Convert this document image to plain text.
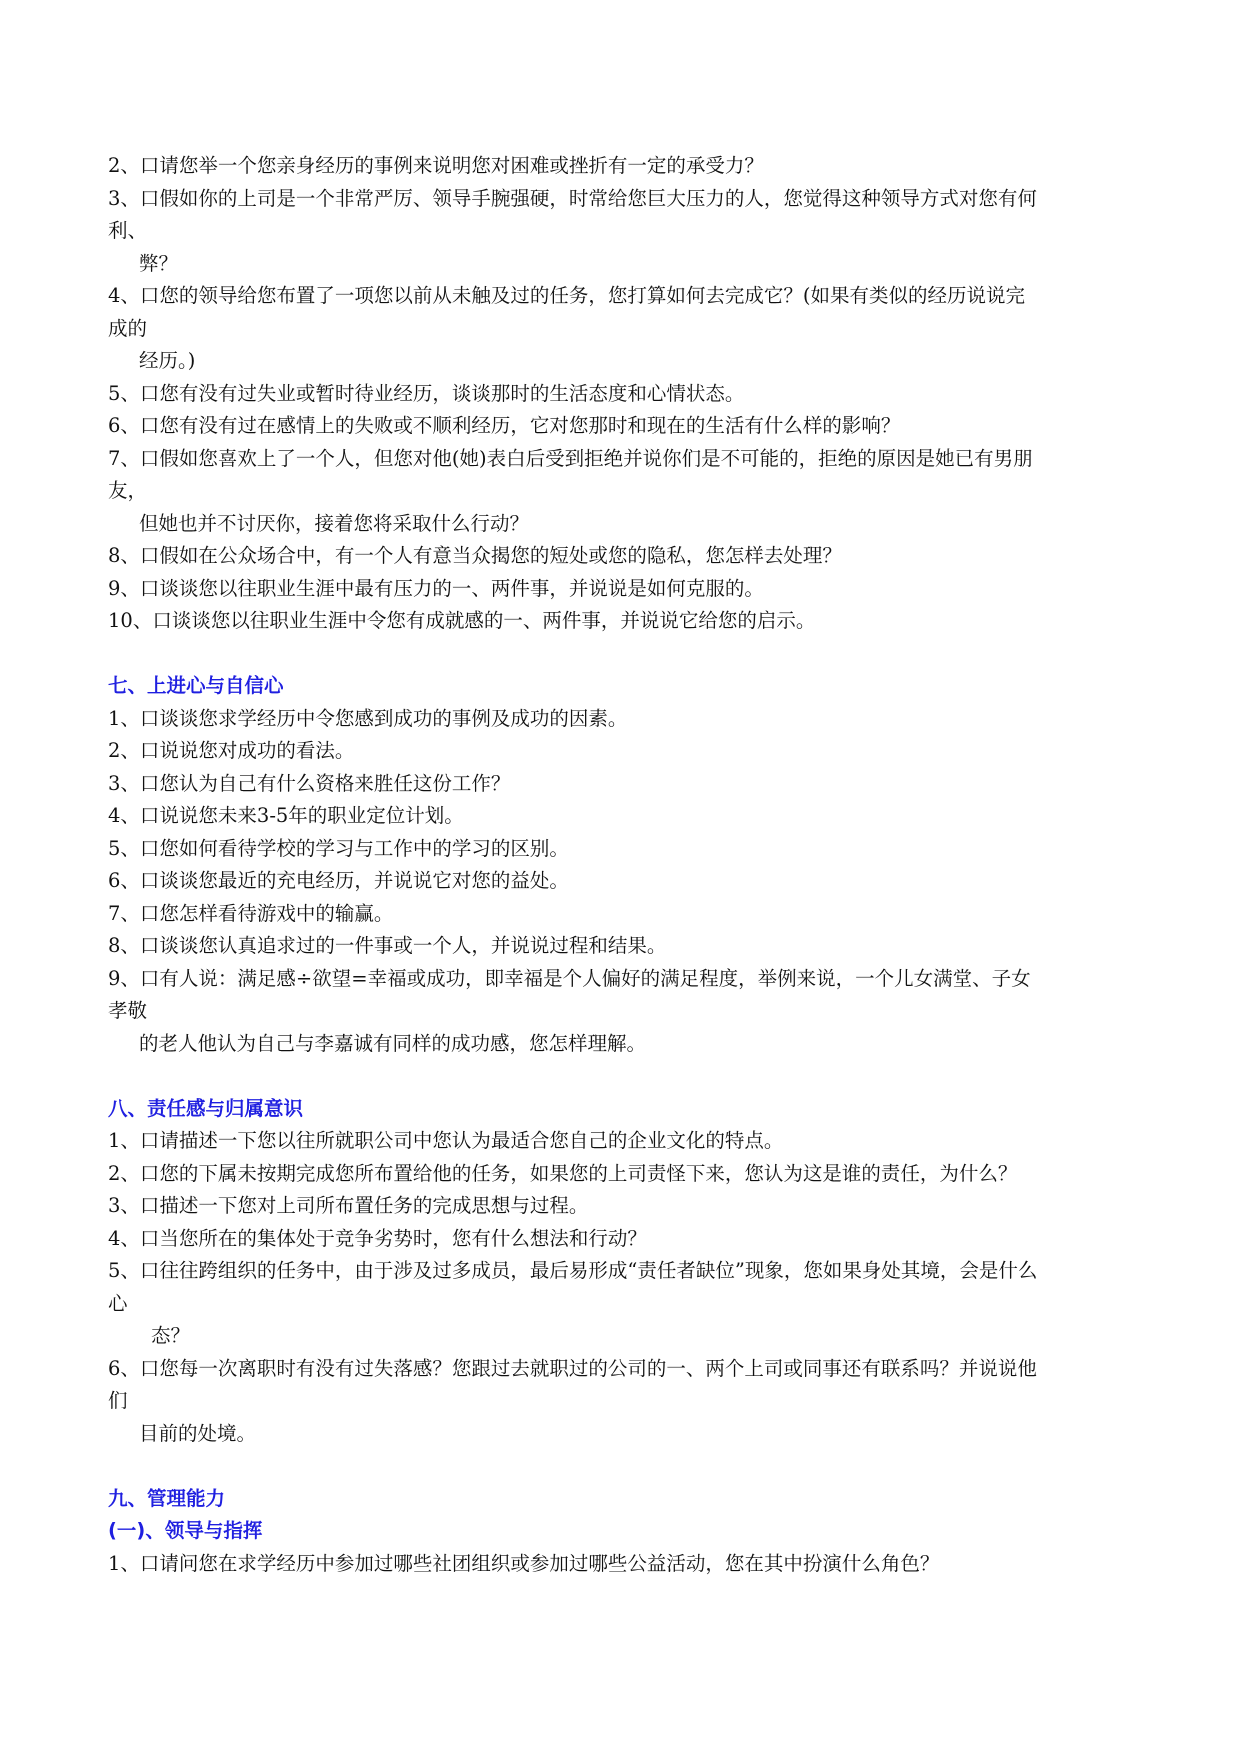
2、口请您举一个您亲身经历的事例来说明您对困难或挫折有一定的承受力？
3、口假如你的上司是一个非常严厉、领导手腕强硬，时常给您巨大压力的人，您觉得这种领导方式对您有何
利、
弊？
4、口您的领导给您布置了一项您以前从未触及过的任务，您打算如何去完成它？(如果有类似的经历说说完
成的
经历。)
5、口您有没有过失业或暂时待业经历，谈谈那时的生活态度和心情状态。
6、口您有没有过在感情上的失败或不顺利经历，它对您那时和现在的生活有什么样的影响？
7、口假如您喜欢上了一个人，但您对他(她)表白后受到拒绝并说你们是不可能的，拒绝的原因是她已有男朋
友，
但她也并不讨厌你，接着您将采取什么行动？
8、口假如在公众场合中，有一个人有意当众揭您的短处或您的隐私，您怎样去处理？
9、口谈谈您以往职业生涯中最有压力的一、两件事，并说说是如何克服的。
10、口谈谈您以往职业生涯中令您有成就感的一、两件事，并说说它给您的启示。
七、上进心与自信心
1、口谈谈您求学经历中令您感到成功的事例及成功的因素。
2、口说说您对成功的看法。
3、口您认为自己有什么资格来胜任这份工作？
4、口说说您未来3-5年的职业定位计划。
5、口您如何看待学校的学习与工作中的学习的区别。
6、口谈谈您最近的充电经历，并说说它对您的益处。
7、口您怎样看待游戏中的输赢。
8、口谈谈您认真追求过的一件事或一个人，并说说过程和结果。
9、口有人说：满足感÷欲望=幸福或成功，即幸福是个人偏好的满足程度，举例来说，一个儿女满堂、子女
孝敬
的老人他认为自己与李嘉诚有同样的成功感，您怎样理解。
八、责任感与归属意识
1、口请描述一下您以往所就职公司中您认为最适合您自己的企业文化的特点。
2、口您的下属未按期完成您所布置给他的任务，如果您的上司责怪下来，您认为这是谁的责任，为什么？
3、口描述一下您对上司所布置任务的完成思想与过程。
4、口当您所在的集体处于竞争劣势时，您有什么想法和行动？
5、口往往跨组织的任务中，由于涉及过多成员，最后易形成“责任者缺位”现象，您如果身处其境，会是什么
心
态？
6、口您每一次离职时有没有过失落感？您跟过去就职过的公司的一、两个上司或同事还有联系吗？并说说他
们
目前的处境。
九、管理能力
(一)、领导与指挥
1、口请问您在求学经历中参加过哪些社团组织或参加过哪些公益活动，您在其中扮演什么角色？
